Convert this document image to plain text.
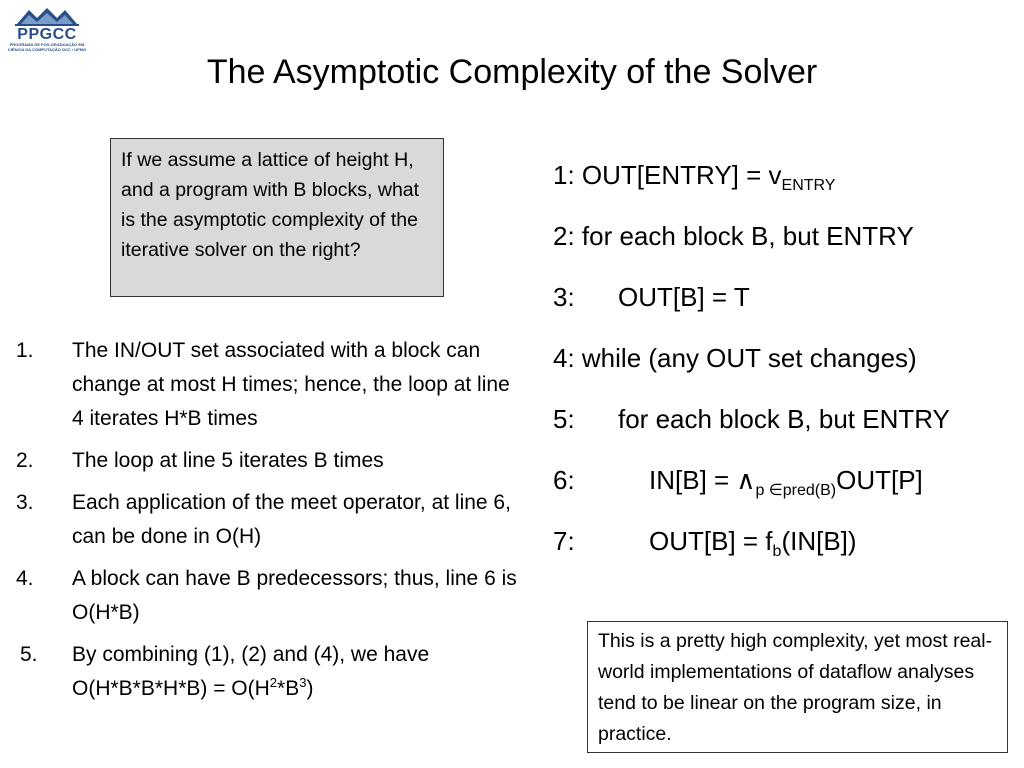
PPGCC
PROGRAMA DE PÓS-GRADUAÇÃO EM CIÊNCIA DA COMPUTAÇÃO DCC • UFMG
The Asymptotic Complexity of the Solver
If we assume a lattice of height H, and a program with B blocks, what is the asymptotic complexity of the iterative solver on the right?
1. The IN/OUT set associated with a block can change at most H times; hence, the loop at line 4 iterates H*B times
2. The loop at line 5 iterates B times
3. Each application of the meet operator, at line 6, can be done in O(H)
4. A block can have B predecessors; thus, line 6 is O(H*B)
5. By combining (1), (2) and (4), we have $O(H*B*B*H*B) = O(H^2*B^3)$
1: OUT[ENTRY] = $v_{ENTRY}$
2: for each block B, but ENTRY
3: OUT[B] = T
4: while (any OUT set changes)
5: for each block B, but ENTRY
6:	$IN[B] = \wedge_{p \in pred(B)}OUT[P]$
7:	$OUT[B] = f_b(IN[B])$
This is a pretty high complexity, yet most real-world implementations of dataflow analyses tend to be linear on the program size, in practice.
